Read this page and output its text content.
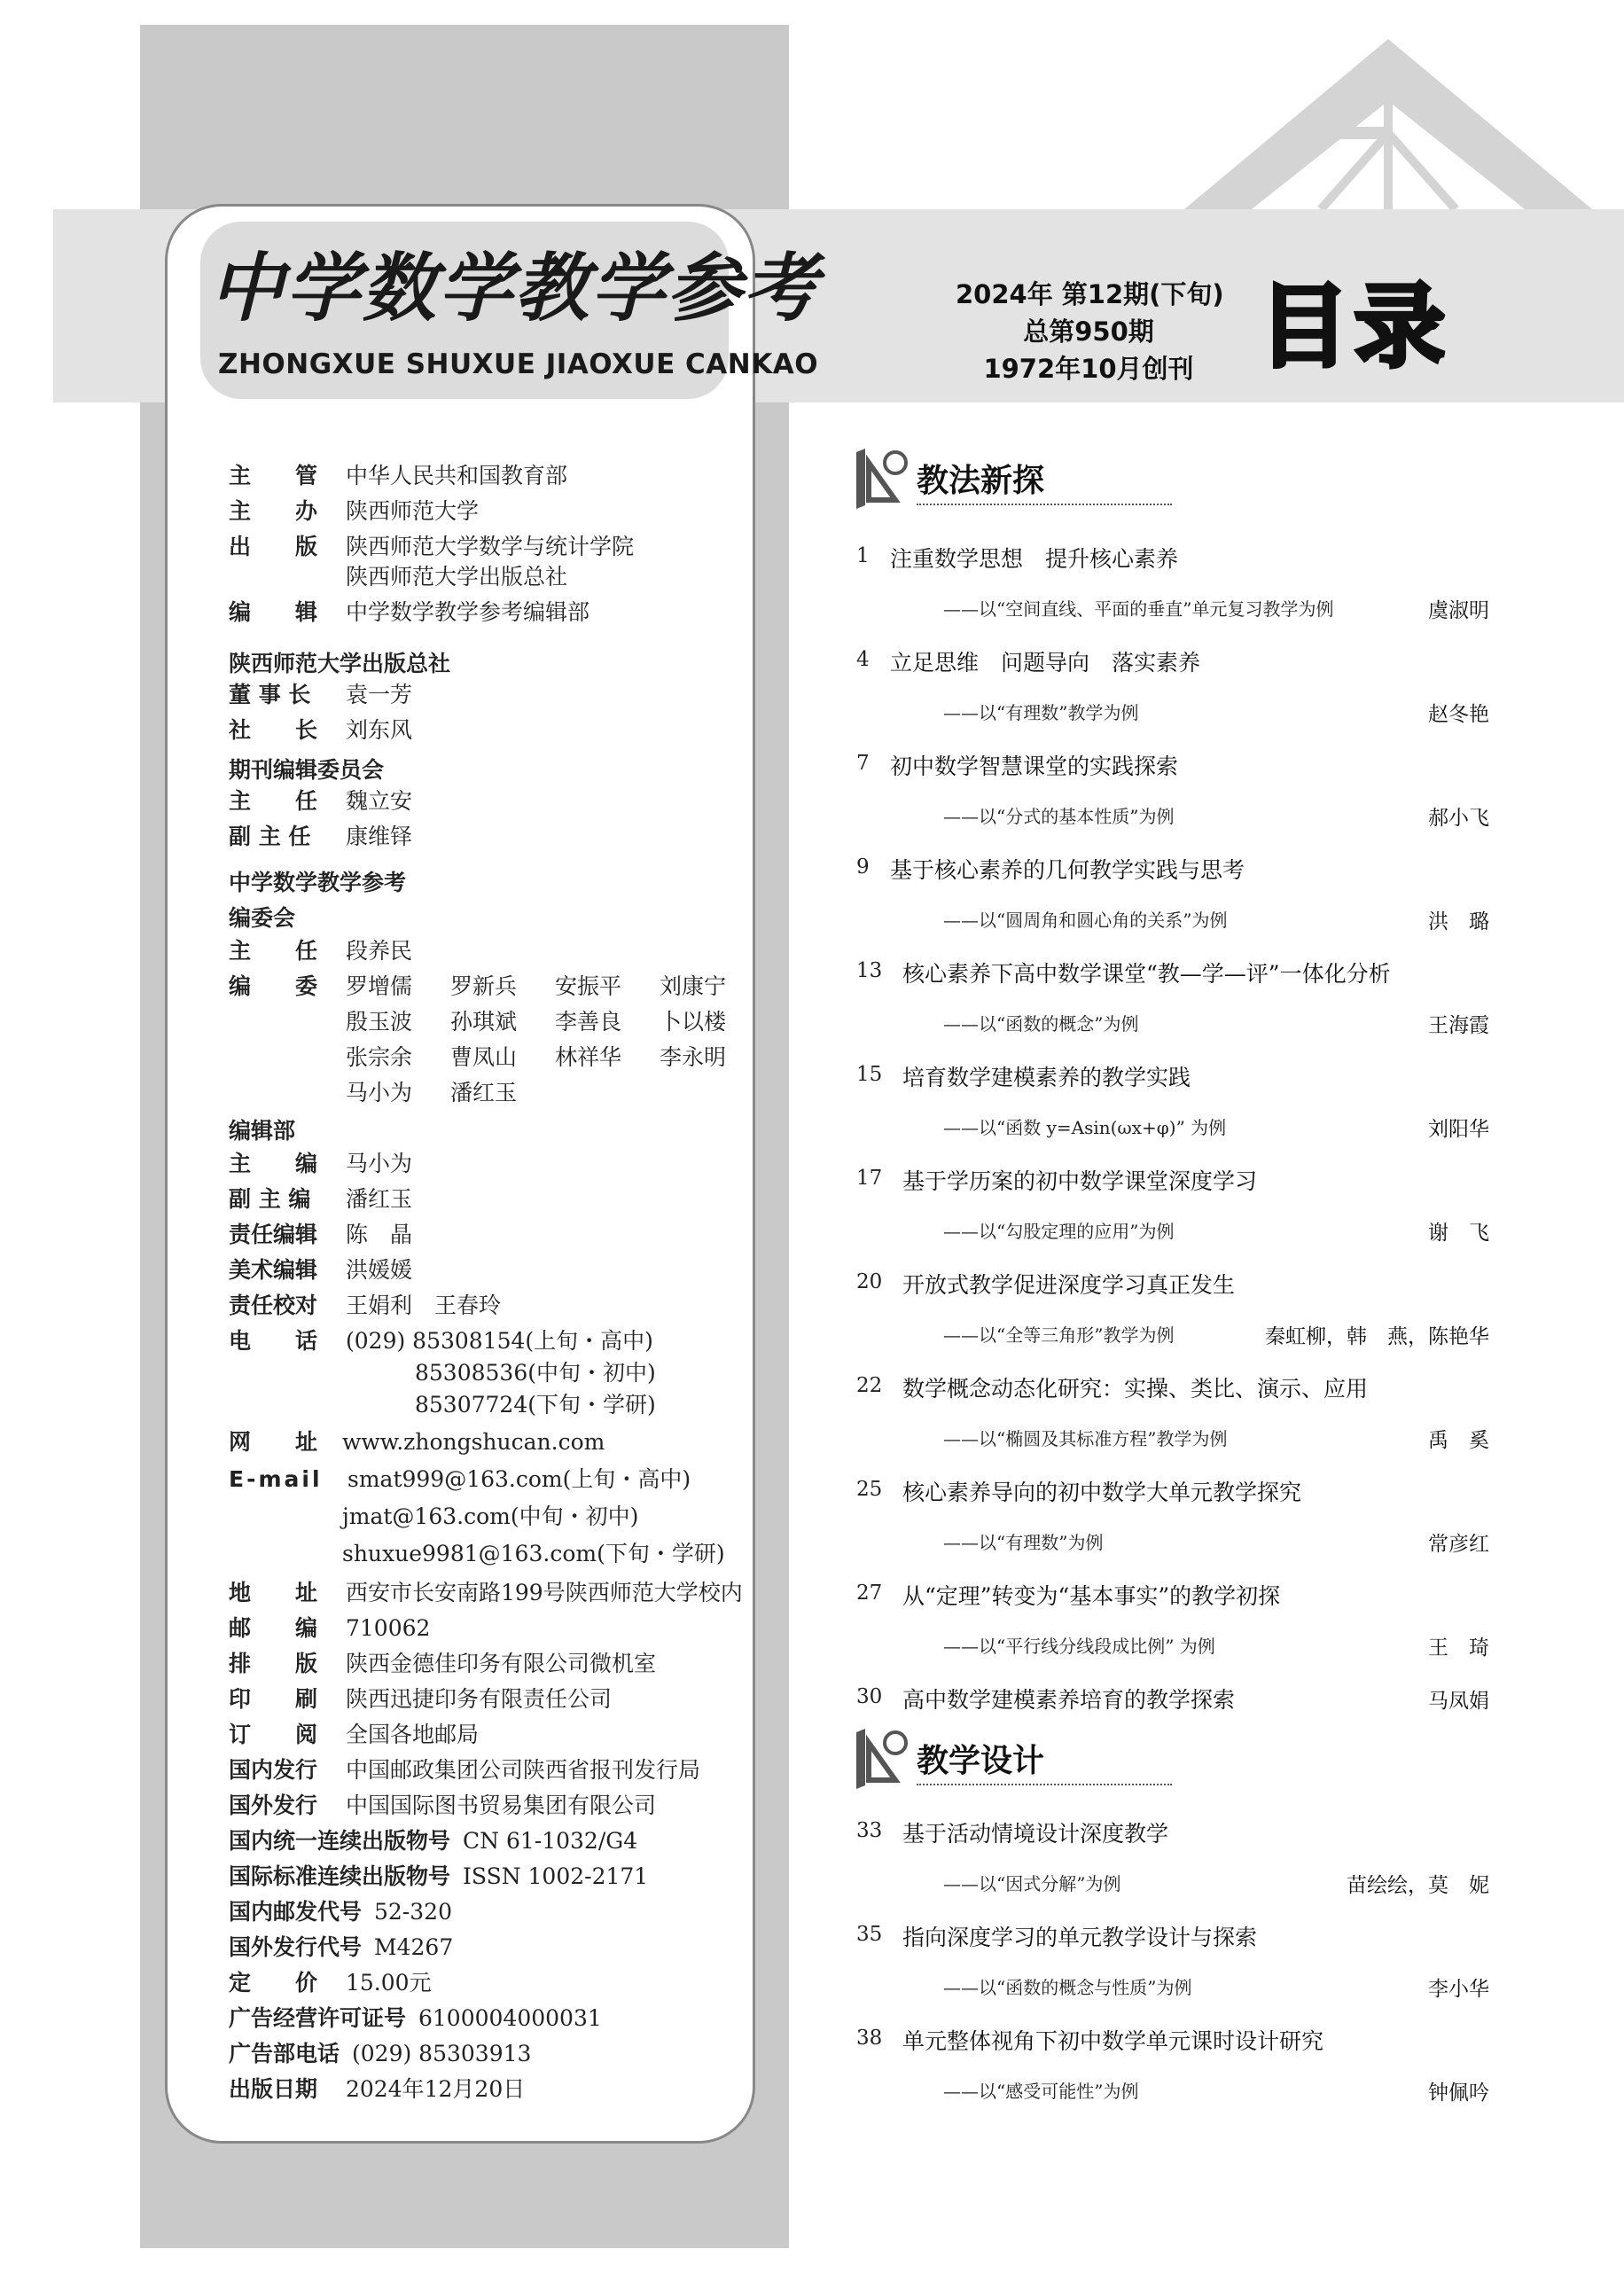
中学数学教学参考
ZHONGXUE SHUXUE JIAOXUE CANKAO
主　　管 中华人民共和国教育部
主　　办 陕西师范大学
出　　版 陕西师范大学数学与统计学院
陕西师范大学出版总社
编　　辑 中学数学教学参考编辑部
陕西师范大学出版总社
董 事 长 袁一芳
社　　长 刘东风
期刊编辑委员会
主　　任 魏立安
副 主 任 康维铎
中学数学教学参考
编委会
主　　任 段养民
编　　委 罗增儒 罗新兵 安振平 刘康宁
殷玉波 孙琪斌 李善良 卜以楼
张宗余 曹凤山 林祥华 李永明
马小为 潘红玉
编辑部
主　　编 马小为
副 主 编 潘红玉
责任编辑 陈　晶
美术编辑 洪媛媛
责任校对 王娟利　王春玲
电　　话 (029) 85308154(上旬・高中)
85308536(中旬・初中)
85307724(下旬・学研)
网　　址 www.zhongshucan.com
E-mail smat999@163.com(上旬・高中)
jmat@163.com(中旬・初中)
shuxue9981@163.com(下旬・学研)
地　　址 西安市长安南路199号陕西师范大学校内
邮　　编 710062
排　　版 陕西金德佳印务有限公司微机室
印　　刷 陕西迅捷印务有限责任公司
订　　阅 全国各地邮局
国内发行 中国邮政集团公司陕西省报刊发行局
国外发行 中国国际图书贸易集团有限公司
国内统一连续出版物号 CN 61-1032/G4
国际标准连续出版物号 ISSN 1002-2171
国内邮发代号 52-320
国外发行代号 M4267
定　　价 15.00元
广告经营许可证号 6100004000031
广告部电话 (029) 85303913
出版日期 2024年12月20日
2024年 第12期(下旬)
总第950期
1972年10月创刊 目录
教法新探
1 注重数学思想　提升核心素养
——以“空间直线、平面的垂直”单元复习教学为例	虞淑明
4 立足思维　问题导向　落实素养
——以“有理数”教学为例	赵冬艳
7 初中数学智慧课堂的实践探索
——以“分式的基本性质”为例	郝小飞
9 基于核心素养的几何教学实践与思考
——以“圆周角和圆心角的关系”为例	洪　璐
13 核心素养下高中数学课堂“教—学—评”一体化分析
——以“函数的概念”为例	王海霞
15 培育数学建模素养的教学实践
——以“函数 y=Asin(ωx+φ)” 为例	刘阳华
17 基于学历案的初中数学课堂深度学习
——以“勾股定理的应用”为例	谢　飞
20 开放式教学促进深度学习真正发生
——以“全等三角形”教学为例	秦虹柳，韩　燕，陈艳华
22 数学概念动态化研究：实操、类比、演示、应用
——以“椭圆及其标准方程”教学为例	禹　奚
25 核心素养导向的初中数学大单元教学探究
——以“有理数”为例	常彦红
27 从“定理”转变为“基本事实”的教学初探
——以“平行线分线段成比例” 为例	王　琦
30 高中数学建模素养培育的教学探索	马凤娟
教学设计
33 基于活动情境设计深度教学
——以“因式分解”为例	苗绘绘，莫　妮
35 指向深度学习的单元教学设计与探索
——以“函数的概念与性质”为例	李小华
38 单元整体视角下初中数学单元课时设计研究
——以“感受可能性”为例	钟佩吟
